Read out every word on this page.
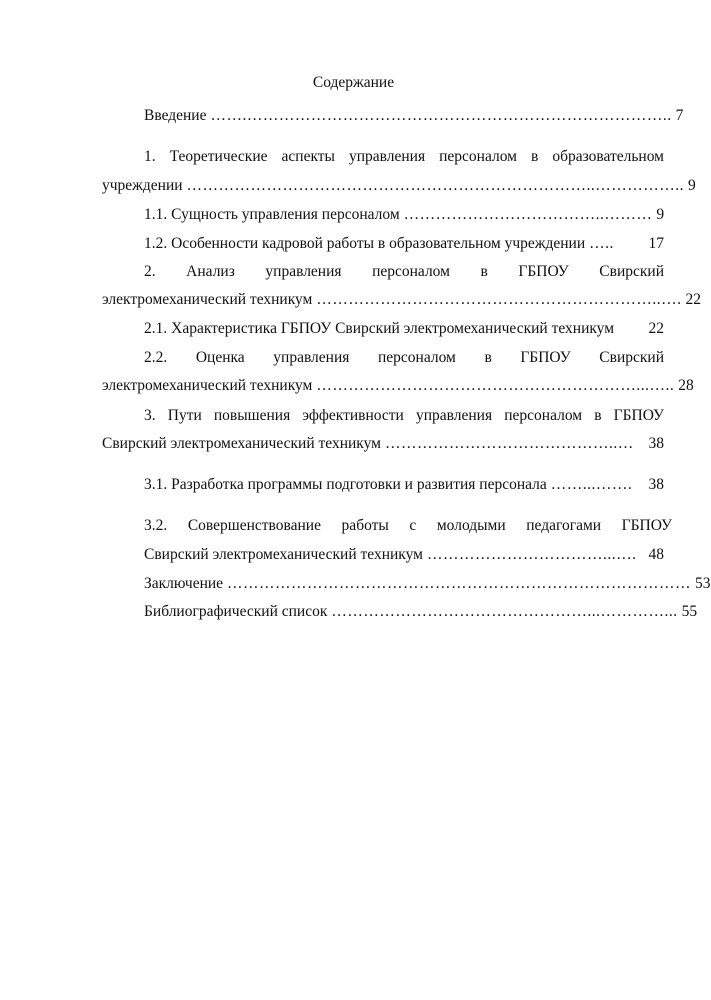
Содержание
Введение …….…………………………………………………………………….. 7
1. Теоретические аспекты управления персоналом в образовательном
учреждении …………………………………………………………………..…………….. 9
1.1. Сущность управления персоналом ………………………………..……… 9
1.2. Особенности кадровой работы в образовательном учреждении …..	17
2. Анализ управления персоналом в ГБПОУ Свирский
электромеханический техникум ………………………………………………………..…. 22
2.1. Характеристика ГБПОУ Свирский электромеханический техникум 22
2.2. Оценка управления персоналом в ГБПОУ Свирский
электромеханический техникум ……………………………………………………...….. 28
3. Пути повышения эффективности управления персоналом в ГБПОУ
Свирский электромеханический техникум ……………………………………..… 38
3.1. Разработка программы подготовки и развития персонала ……...…….	38
3.2. Совершенствование работы с молодыми педагогами ГБПОУ
Свирский электромеханический техникум ……………………………...…. 48
Заключение …………………………………………………………………………… 53
Библиографический список …………………………………………...…………... 55
